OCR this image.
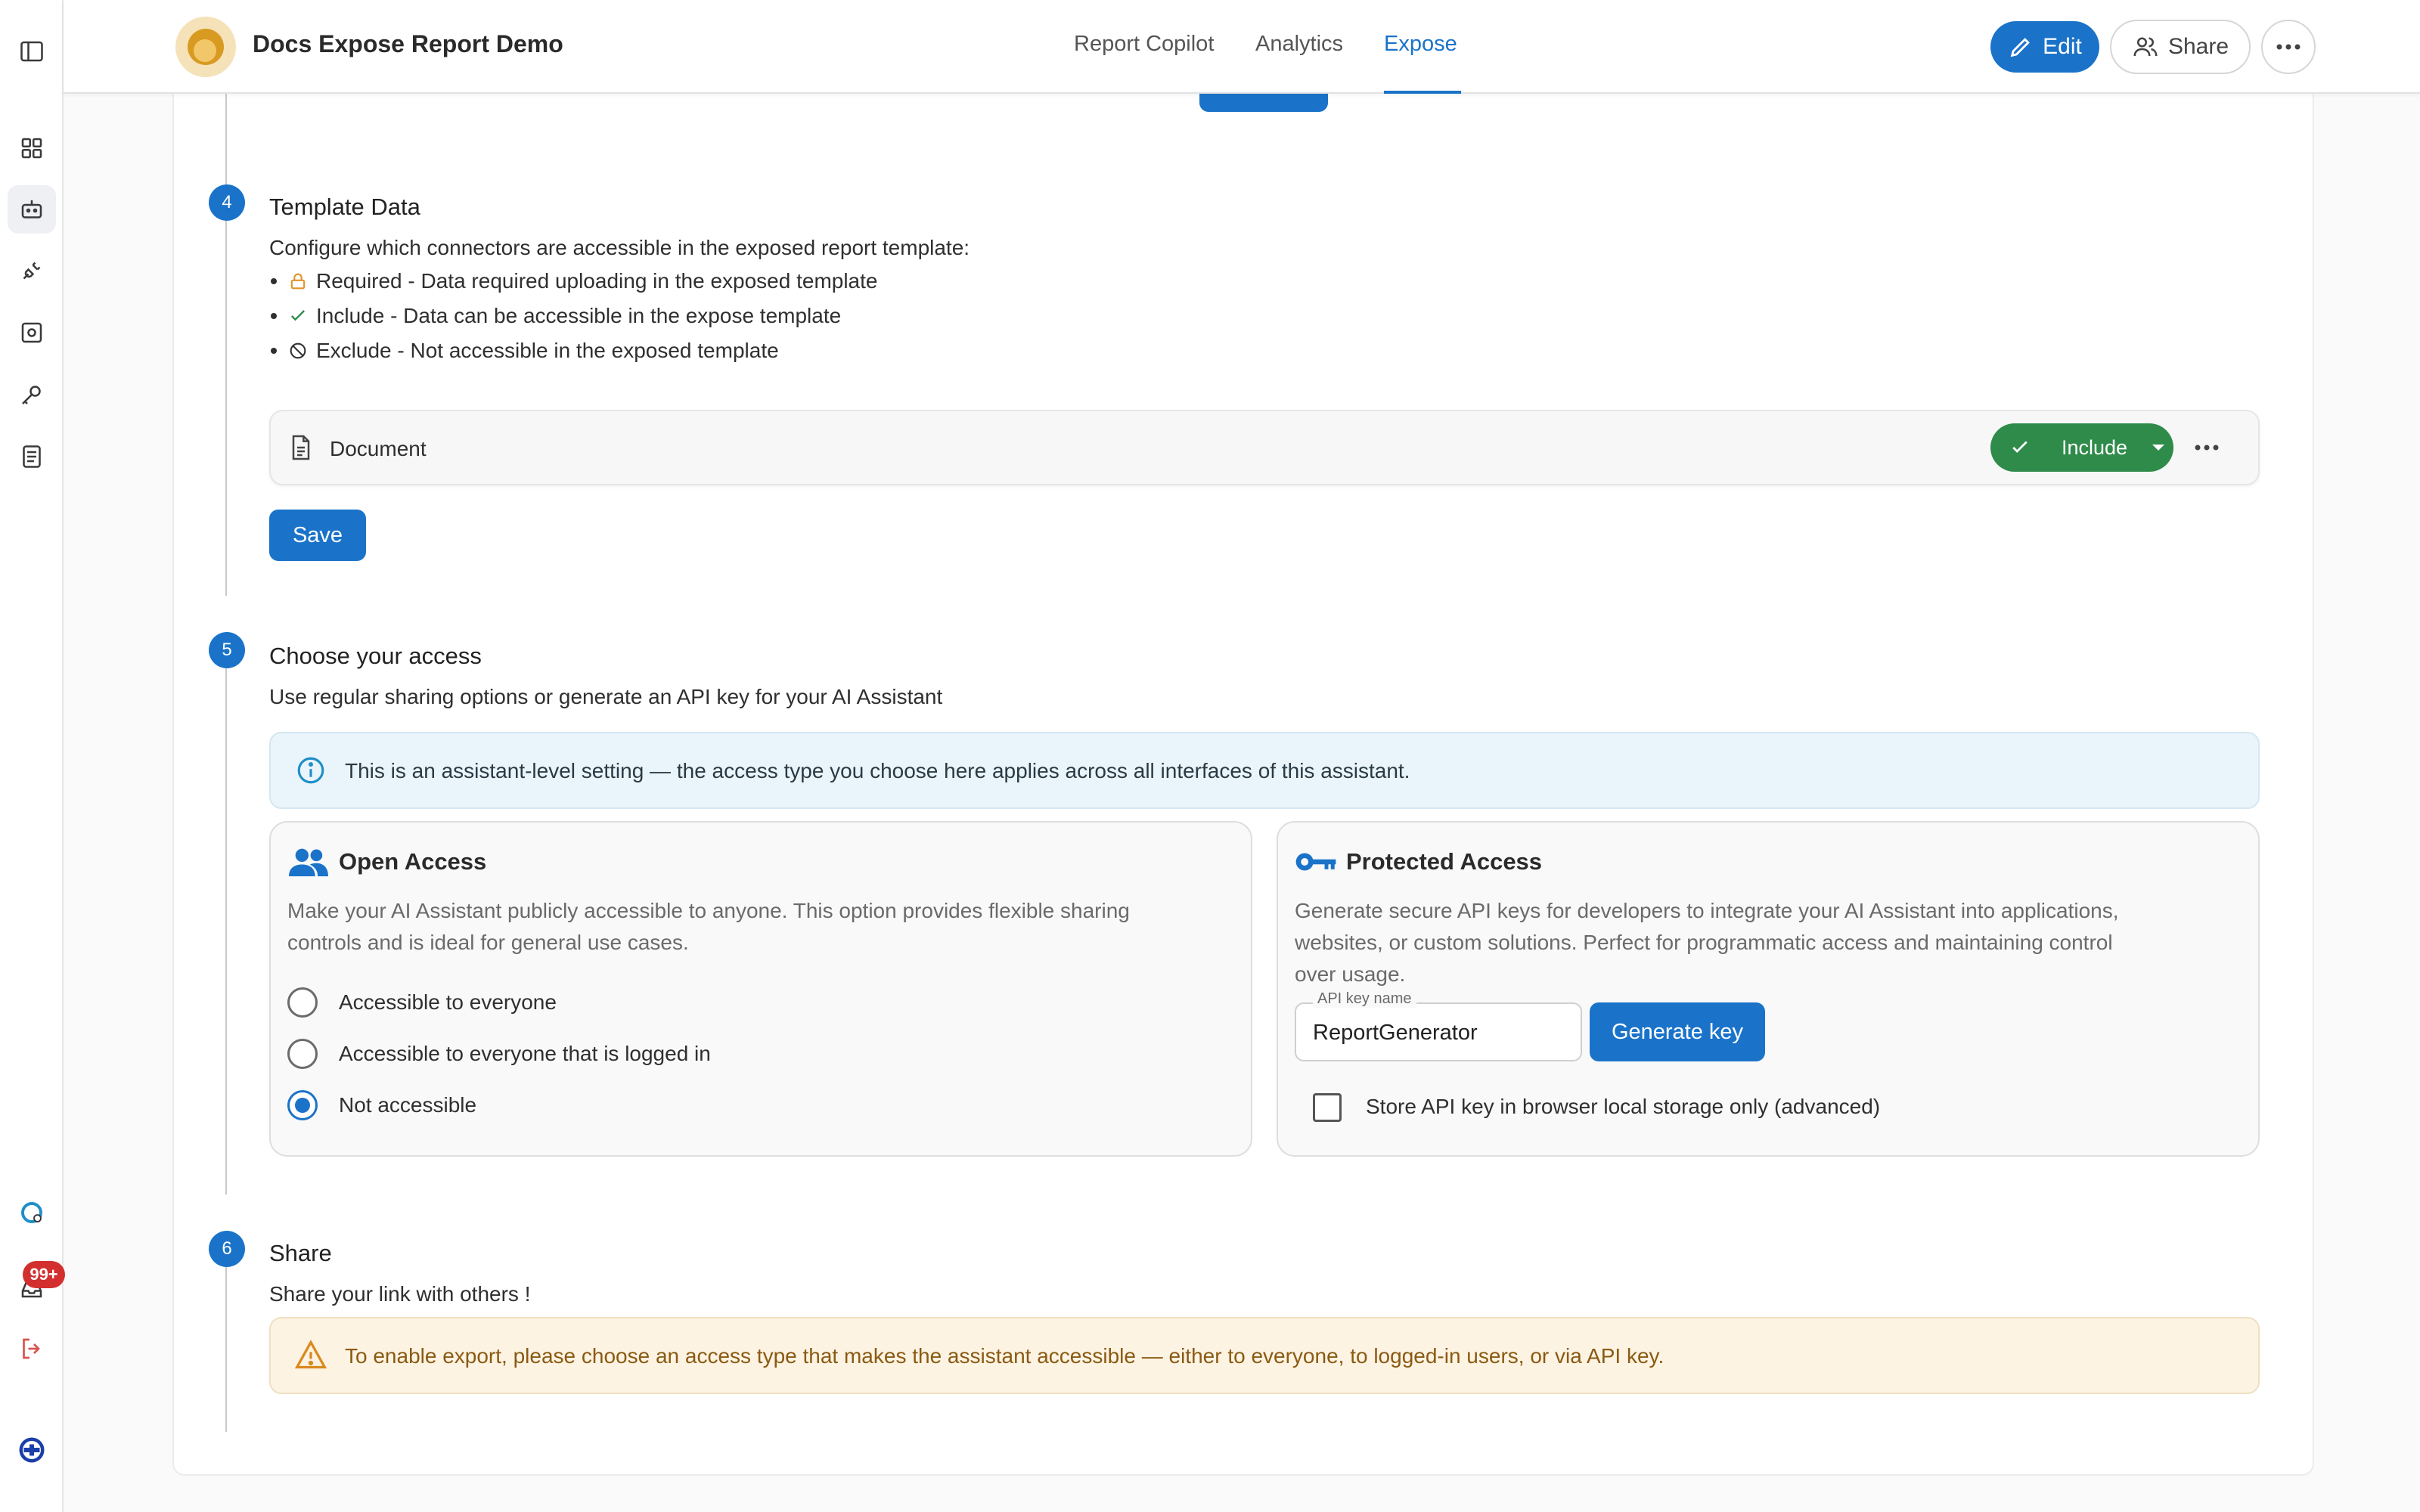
99+
Docs Expose Report Demo	Report Copilot Analytics Expose	Edit	Share
4	Template Data
Configure which connectors are accessible in the exposed report template:
Required - Data required uploading in the exposed template
Include - Data can be accessible in the expose template
Exclude - Not accessible in the exposed template
Document	Include
Save
5	Choose your access
Use regular sharing options or generate an API key for your AI Assistant
This is an assistant-level setting — the access type you choose here applies across all interfaces of this assistant.
Open Access
Make your AI Assistant publicly accessible to anyone. This option provides flexible sharing
controls and is ideal for general use cases.
Accessible to everyone
Accessible to everyone that is logged in
Not accessible
Protected Access
Generate secure API keys for developers to integrate your AI Assistant into applications,
websites, or custom solutions. Perfect for programmatic access and maintaining control
over usage.
API key name
ReportGenerator	Generate key
Store API key in browser local storage only (advanced)
6	Share
Share your link with others !
To enable export, please choose an access type that makes the assistant accessible — either to everyone, to logged-in users, or via API key.
